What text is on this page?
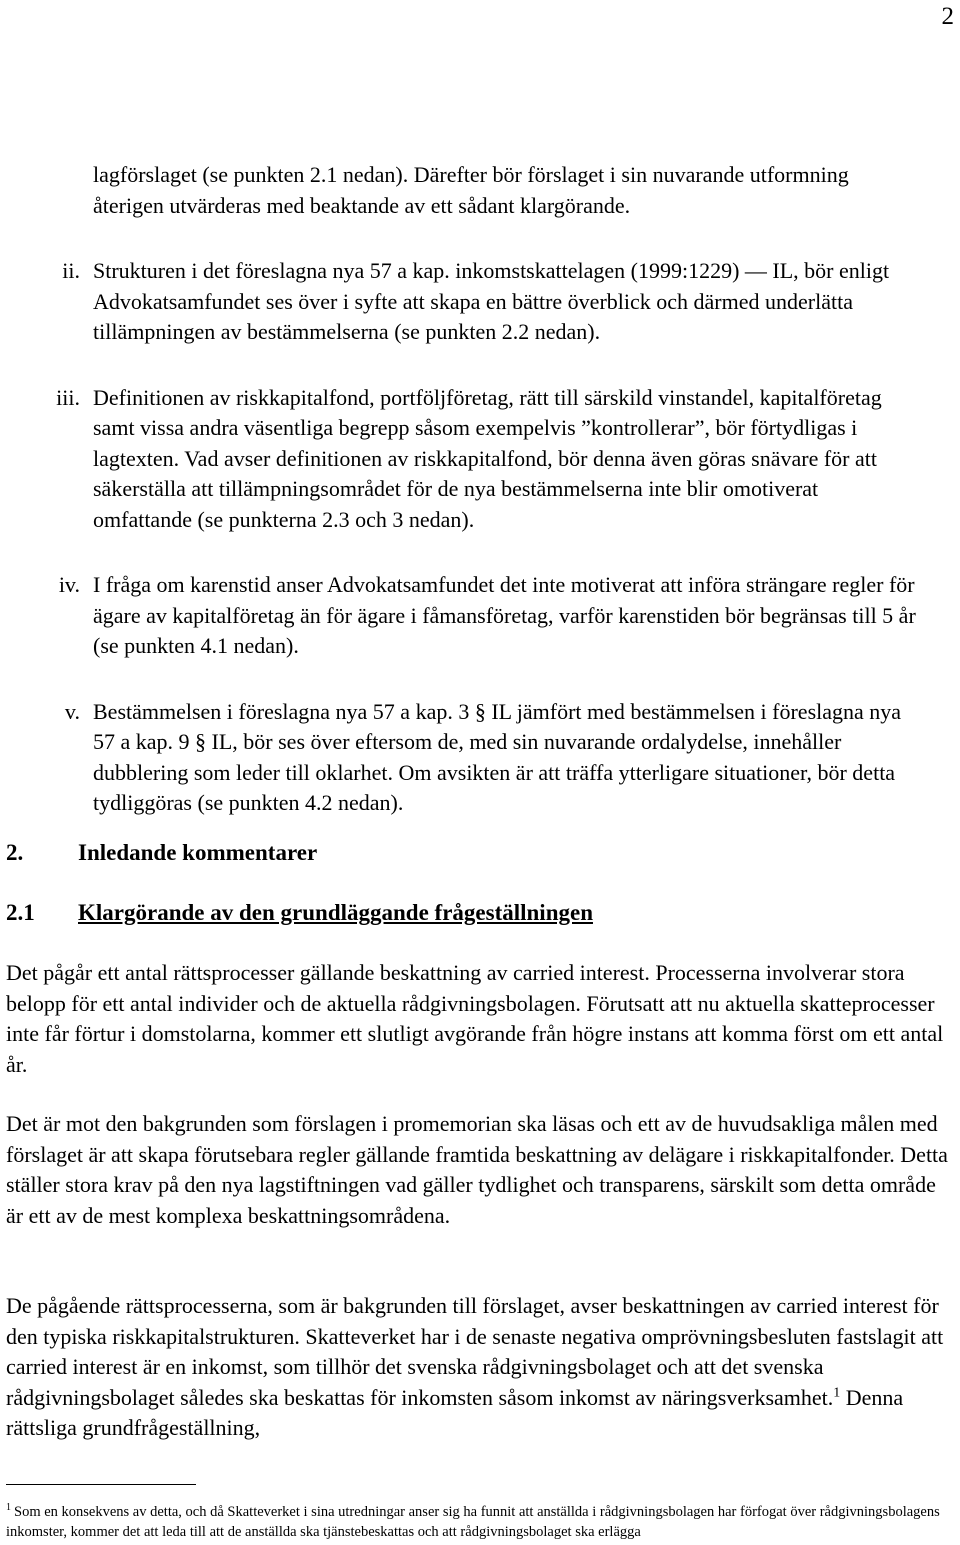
2
lagförslaget (se punkten 2.1 nedan). Därefter bör förslaget i sin nuvarande utformning återigen utvärderas med beaktande av ett sådant klargörande.
ii. Strukturen i det föreslagna nya 57 a kap. inkomstskattelagen (1999:1229) ― IL, bör enligt Advokatsamfundet ses över i syfte att skapa en bättre överblick och därmed underlätta tillämpningen av bestämmelserna (se punkten 2.2 nedan).
iii. Definitionen av riskkapitalfond, portföljföretag, rätt till särskild vinstandel, kapitalföretag samt vissa andra väsentliga begrepp såsom exempelvis ”kontrollerar”, bör förtydligas i lagtexten. Vad avser definitionen av riskkapitalfond, bör denna även göras snävare för att säkerställa att tillämpningsområdet för de nya bestämmelserna inte blir omotiverat omfattande (se punkterna 2.3 och 3 nedan).
iv. I fråga om karenstid anser Advokatsamfundet det inte motiverat att införa strängare regler för ägare av kapitalföretag än för ägare i fåmansföretag, varför karenstiden bör begränsas till 5 år (se punkten 4.1 nedan).
v. Bestämmelsen i föreslagna nya 57 a kap. 3 § IL jämfört med bestämmelsen i föreslagna nya 57 a kap. 9 § IL, bör ses över eftersom de, med sin nuvarande ordalydelse, innehåller dubblering som leder till oklarhet. Om avsikten är att träffa ytterligare situationer, bör detta tydliggöras (se punkten 4.2 nedan).
2. Inledande kommentarer
2.1 Klargörande av den grundläggande frågeställningen
Det pågår ett antal rättsprocesser gällande beskattning av carried interest. Processerna involverar stora belopp för ett antal individer och de aktuella rådgivningsbolagen. Förutsatt att nu aktuella skatteprocesser inte får förtur i domstolarna, kommer ett slutligt avgörande från högre instans att komma först om ett antal år.
Det är mot den bakgrunden som förslagen i promemorian ska läsas och ett av de huvudsakliga målen med förslaget är att skapa förutsebara regler gällande framtida beskattning av delägare i riskkapitalfonder. Detta ställer stora krav på den nya lagstiftningen vad gäller tydlighet och transparens, särskilt som detta område är ett av de mest komplexa beskattningsområdena.
De pågående rättsprocesserna, som är bakgrunden till förslaget, avser beskattningen av carried interest för den typiska riskkapitalstrukturen. Skatteverket har i de senaste negativa omprövningsbesluten fastslagit att carried interest är en inkomst, som tillhör det svenska rådgivningsbolaget och att det svenska rådgivningsbolaget således ska beskattas för inkomsten såsom inkomst av näringsverksamhet.$^1$ Denna rättsliga grundfrågeställning,
$^1$ Som en konsekvens av detta, och då Skatteverket i sina utredningar anser sig ha funnit att anställda i rådgivningsbolagen har förfogat över rådgivningsbolagens inkomster, kommer det att leda till att de anställda ska tjänstebeskattas och att rådgivningsbolaget ska erlägga
